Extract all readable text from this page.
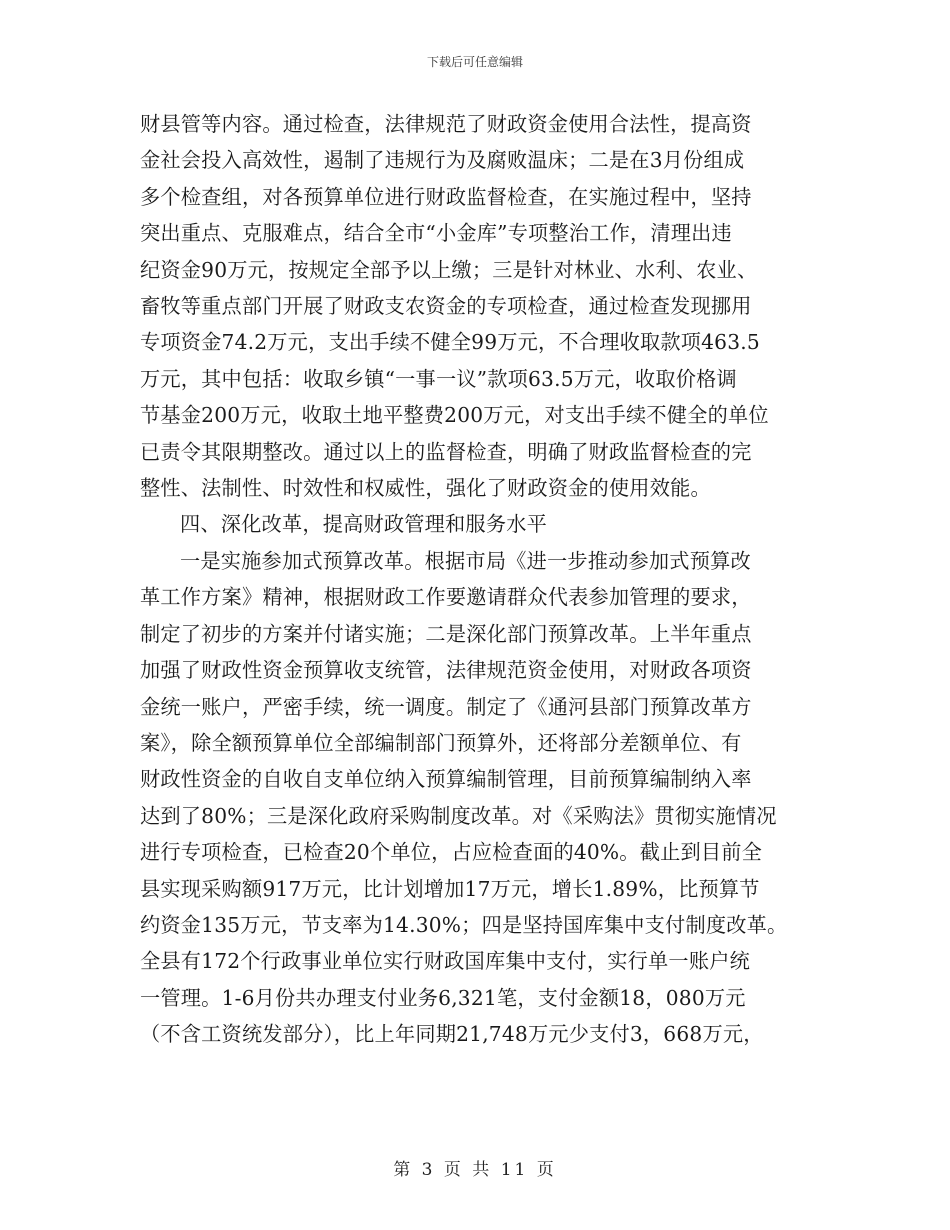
下载后可任意编辑

财县管等内容。通过检查，法律规范了财政资金使用合法性，提高资

金社会投入高效性，遏制了违规行为及腐败温床；二是在3月份组成

多个检查组，对各预算单位进行财政监督检查，在实施过程中，坚持

突出重点、克服难点，结合全市“小金库”专项整治工作，清理出违

纪资金90万元，按规定全部予以上缴；三是针对林业、水利、农业、

畜牧等重点部门开展了财政支农资金的专项检查，通过检查发现挪用

专项资金74.2万元，支出手续不健全99万元，不合理收取款项463.5

万元，其中包括：收取乡镇“一事一议”款项63.5万元，收取价格调

节基金200万元，收取土地平整费200万元，对支出手续不健全的单位

已责令其限期整改。通过以上的监督检查，明确了财政监督检查的完

整性、法制性、时效性和权威性，强化了财政资金的使用效能。

四、深化改革，提高财政管理和服务水平

一是实施参加式预算改革。根据市局《进一步推动参加式预算改

革工作方案》精神，根据财政工作要邀请群众代表参加管理的要求，

制定了初步的方案并付诸实施；二是深化部门预算改革。上半年重点

加强了财政性资金预算收支统管，法律规范资金使用，对财政各项资

金统一账户，严密手续，统一调度。制定了《通河县部门预算改革方

案》，除全额预算单位全部编制部门预算外，还将部分差额单位、有

财政性资金的自收自支单位纳入预算编制管理，目前预算编制纳入率

达到了80%；三是深化政府采购制度改革。对《采购法》贯彻实施情况

进行专项检查，已检查20个单位，占应检查面的40%。截止到目前全

县实现采购额917万元，比计划增加17万元，增长1.89%，比预算节

约资金135万元，节支率为14.30%；四是坚持国库集中支付制度改革。

全县有172个行政事业单位实行财政国库集中支付，实行单一账户统

一管理。1-6月份共办理支付业务6,321笔，支付金额18，080万元

（不含工资统发部分），比上年同期21,748万元少支付3，668万元，

第 3 页 共 11 页
